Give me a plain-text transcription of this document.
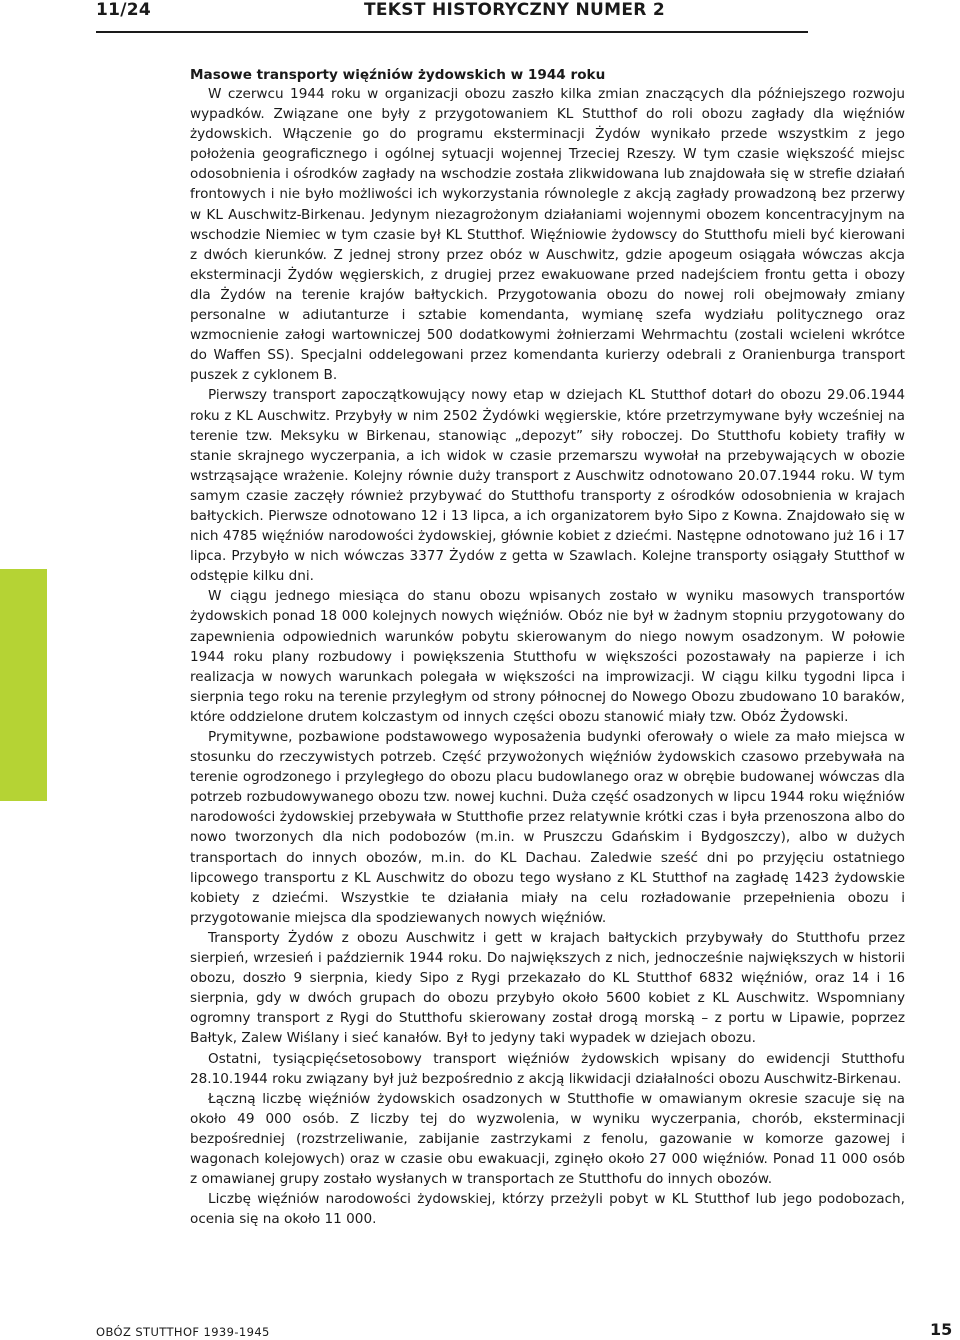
11/24	TEKST HISTORYCZNY NUMER 2

Masowe transporty więźniów żydowskich w 1944 roku

W czerwcu 1944 roku w organizacji obozu zaszło kilka zmian znaczących dla późniejszego rozwoju wypadków. Związane one były z przygotowaniem KL Stutthof do roli obozu zagłady dla więźniów żydowskich. Włączenie go do programu eksterminacji Żydów wynikało przede wszystkim z jego położenia geograficznego i ogólnej sytuacji wojennej Trzeciej Rzeszy. W tym czasie większość miejsc odosobnienia i ośrodków zagłady na wschodzie została zlikwidowana lub znajdowała się w strefie działań frontowych i nie było możliwości ich wykorzystania równolegle z akcją zagłady prowadzoną bez przerwy w KL Auschwitz-Birkenau. Jedynym niezagrożonym działaniami wojennymi obozem koncentracyjnym na wschodzie Niemiec w tym czasie był KL Stutthof. Więźniowie żydowscy do Stutthofu mieli być kierowani z dwóch kierunków. Z jednej strony przez obóz w Auschwitz, gdzie apogeum osiągała wówczas akcja eksterminacji Żydów węgierskich, z drugiej przez ewakuowane przed nadejściem frontu getta i obozy dla Żydów na terenie krajów bałtyckich. Przygotowania obozu do nowej roli obejmowały zmiany personalne w adiutanturze i sztabie komendanta, wymianę szefa wydziału politycznego oraz wzmocnienie załogi wartowniczej 500 dodatkowymi żołnierzami Wehrmachtu (zostali wcieleni wkrótce do Waffen SS). Specjalni oddelegowani przez komendanta kurierzy odebrali z Oranienburga transport puszek z cyklonem B.

Pierwszy transport zapoczątkowujący nowy etap w dziejach KL Stutthof dotarł do obozu 29.06.1944 roku z KL Auschwitz. Przybyły w nim 2502 Żydówki węgierskie, które przetrzymywane były wcześniej na terenie tzw. Meksyku w Birkenau, stanowiąc „depozyt” siły roboczej. Do Stutthofu kobiety trafiły w stanie skrajnego wyczerpania, a ich widok w czasie przemarszu wywołał na przebywających w obozie wstrząsające wrażenie. Kolejny równie duży transport z Auschwitz odnotowano 20.07.1944 roku. W tym samym czasie zaczęły również przybywać do Stutthofu transporty z ośrodków odosobnienia w krajach bałtyckich. Pierwsze odnotowano 12 i 13 lipca, a ich organizatorem było Sipo z Kowna. Znajdowało się w nich 4785 więźniów narodowości żydowskiej, głównie kobiet z dziećmi. Następne odnotowano już 16 i 17 lipca. Przybyło w nich wówczas 3377 Żydów z getta w Szawlach. Kolejne transporty osiągały Stutthof w odstępie kilku dni.

W ciągu jednego miesiąca do stanu obozu wpisanych zostało w wyniku masowych transportów żydowskich ponad 18 000 kolejnych nowych więźniów. Obóz nie był w żadnym stopniu przygotowany do zapewnienia odpowiednich warunków pobytu skierowanym do niego nowym osadzonym. W połowie 1944 roku plany rozbudowy i powiększenia Stutthofu w większości pozostawały na papierze i ich realizacja w nowych warunkach polegała w większości na improwizacji. W ciągu kilku tygodni lipca i sierpnia tego roku na terenie przyległym od strony północnej do Nowego Obozu zbudowano 10 baraków, które oddzielone drutem kolczastym od innych części obozu stanowić miały tzw. Obóz Żydowski.

Prymitywne, pozbawione podstawowego wyposażenia budynki oferowały o wiele za mało miejsca w stosunku do rzeczywistych potrzeb. Część przywożonych więźniów żydowskich czasowo przebywała na terenie ogrodzonego i przyległego do obozu placu budowlanego oraz w obrębie budowanej wówczas dla potrzeb rozbudowywanego obozu tzw. nowej kuchni. Duża część osadzonych w lipcu 1944 roku więźniów narodowości żydowskiej przebywała w Stutthofie przez relatywnie krótki czas i była przenoszona albo do nowo tworzonych dla nich podobozów (m.in. w Pruszczu Gdańskim i Bydgoszczy), albo w dużych transportach do innych obozów, m.in. do KL Dachau. Zaledwie sześć dni po przyjęciu ostatniego lipcowego transportu z KL Auschwitz do obozu tego wysłano z KL Stutthof na zagładę 1423 żydowskie kobiety z dziećmi. Wszystkie te działania miały na celu rozładowanie przepełnienia obozu i przygotowanie miejsca dla spodziewanych nowych więźniów.

Transporty Żydów z obozu Auschwitz i gett w krajach bałtyckich przybywały do Stutthofu przez sierpień, wrzesień i październik 1944 roku. Do największych z nich, jednocześnie największych w historii obozu, doszło 9 sierpnia, kiedy Sipo z Rygi przekazało do KL Stutthof 6832 więźniów, oraz 14 i 16 sierpnia, gdy w dwóch grupach do obozu przybyło około 5600 kobiet z KL Auschwitz. Wspomniany ogromny transport z Rygi do Stutthofu skierowany został drogą morską – z portu w Lipawie, poprzez Bałtyk, Zalew Wiślany i sieć kanałów. Był to jedyny taki wypadek w dziejach obozu.

Ostatni, tysiącpięćsetosobowy transport więźniów żydowskich wpisany do ewidencji Stutthofu 28.10.1944 roku związany był już bezpośrednio z akcją likwidacji działalności obozu Auschwitz-Birkenau.

Łączną liczbę więźniów żydowskich osadzonych w Stutthofie w omawianym okresie szacuje się na około 49 000 osób. Z liczby tej do wyzwolenia, w wyniku wyczerpania, chorób, eksterminacji bezpośredniej (rozstrzeliwanie, zabijanie zastrzykami z fenolu, gazowanie w komorze gazowej i wagonach kolejowych) oraz w czasie obu ewakuacji, zginęło około 27 000 więźniów. Ponad 11 000 osób z omawianej grupy zostało wysłanych w transportach ze Stutthofu do innych obozów.

Liczbę więźniów narodowości żydowskiej, którzy przeżyli pobyt w KL Stutthof lub jego podobozach, ocenia się na około 11 000.

OBÓZ STUTTHOF 1939-1945	15
